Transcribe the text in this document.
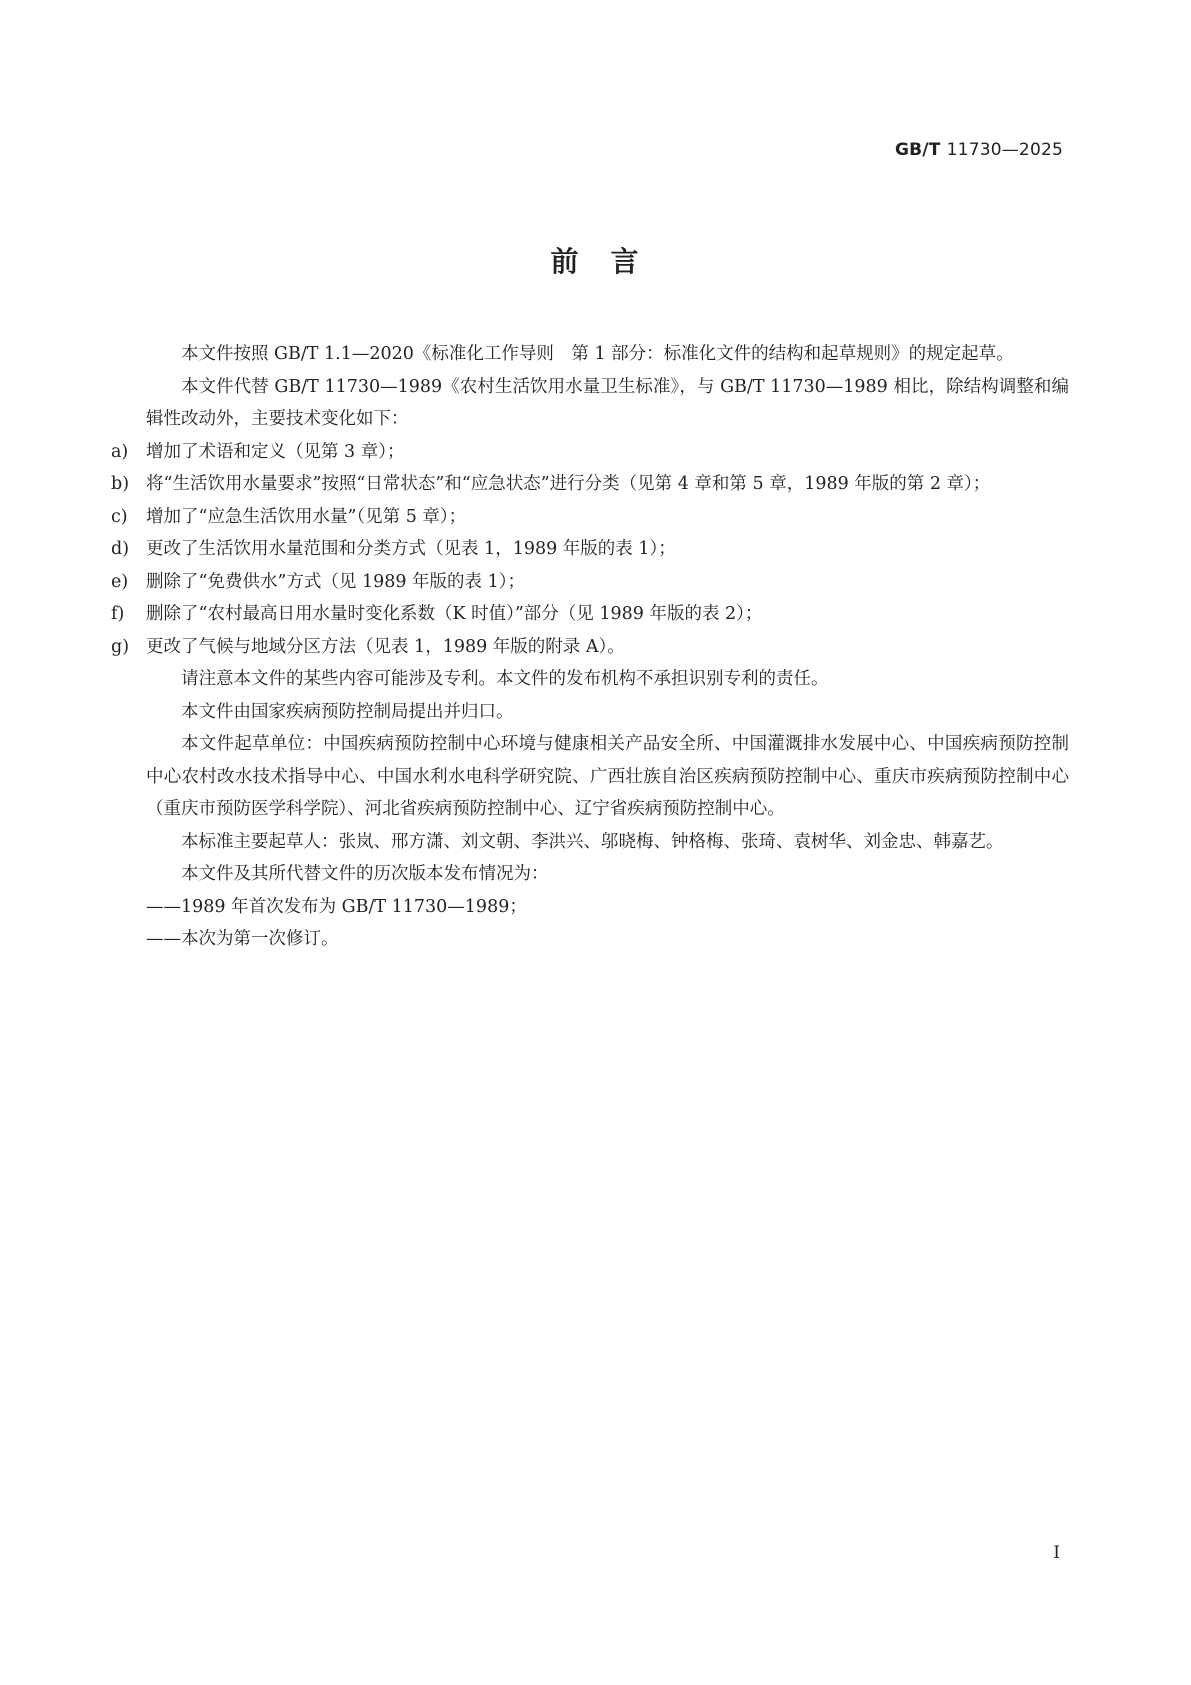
GB/T 11730—2025
前　言

本文件按照 GB/T 1.1—2020《标准化工作导则　第 1 部分：标准化文件的结构和起草规则》的规定起草。

本文件代替 GB/T 11730—1989《农村生活饮用水量卫生标准》，与 GB/T 11730—1989 相比，除结构调整和编辑性改动外，主要技术变化如下：

a) 增加了术语和定义（见第 3 章）；

b) 将“生活饮用水量要求”按照“日常状态”和“应急状态”进行分类（见第 4 章和第 5 章，1989 年版的第 2 章）；

c) 增加了“应急生活饮用水量”（见第 5 章）；

d) 更改了生活饮用水量范围和分类方式（见表 1，1989 年版的表 1）；

e) 删除了“免费供水”方式（见 1989 年版的表 1）；

f) 删除了“农村最高日用水量时变化系数（K 时值）”部分（见 1989 年版的表 2）；

g) 更改了气候与地域分区方法（见表 1，1989 年版的附录 A）。

请注意本文件的某些内容可能涉及专利。本文件的发布机构不承担识别专利的责任。

本文件由国家疾病预防控制局提出并归口。

本文件起草单位：中国疾病预防控制中心环境与健康相关产品安全所、中国灌溉排水发展中心、中国疾病预防控制中心农村改水技术指导中心、中国水利水电科学研究院、广西壮族自治区疾病预防控制中心、重庆市疾病预防控制中心（重庆市预防医学科学院）、河北省疾病预防控制中心、辽宁省疾病预防控制中心。

本标准主要起草人：张岚、邢方潇、刘文朝、李洪兴、邬晓梅、钟格梅、张琦、袁树华、刘金忠、韩嘉艺。

本文件及其所代替文件的历次版本发布情况为：

——1989 年首次发布为 GB/T 11730—1989；

——本次为第一次修订。

I
